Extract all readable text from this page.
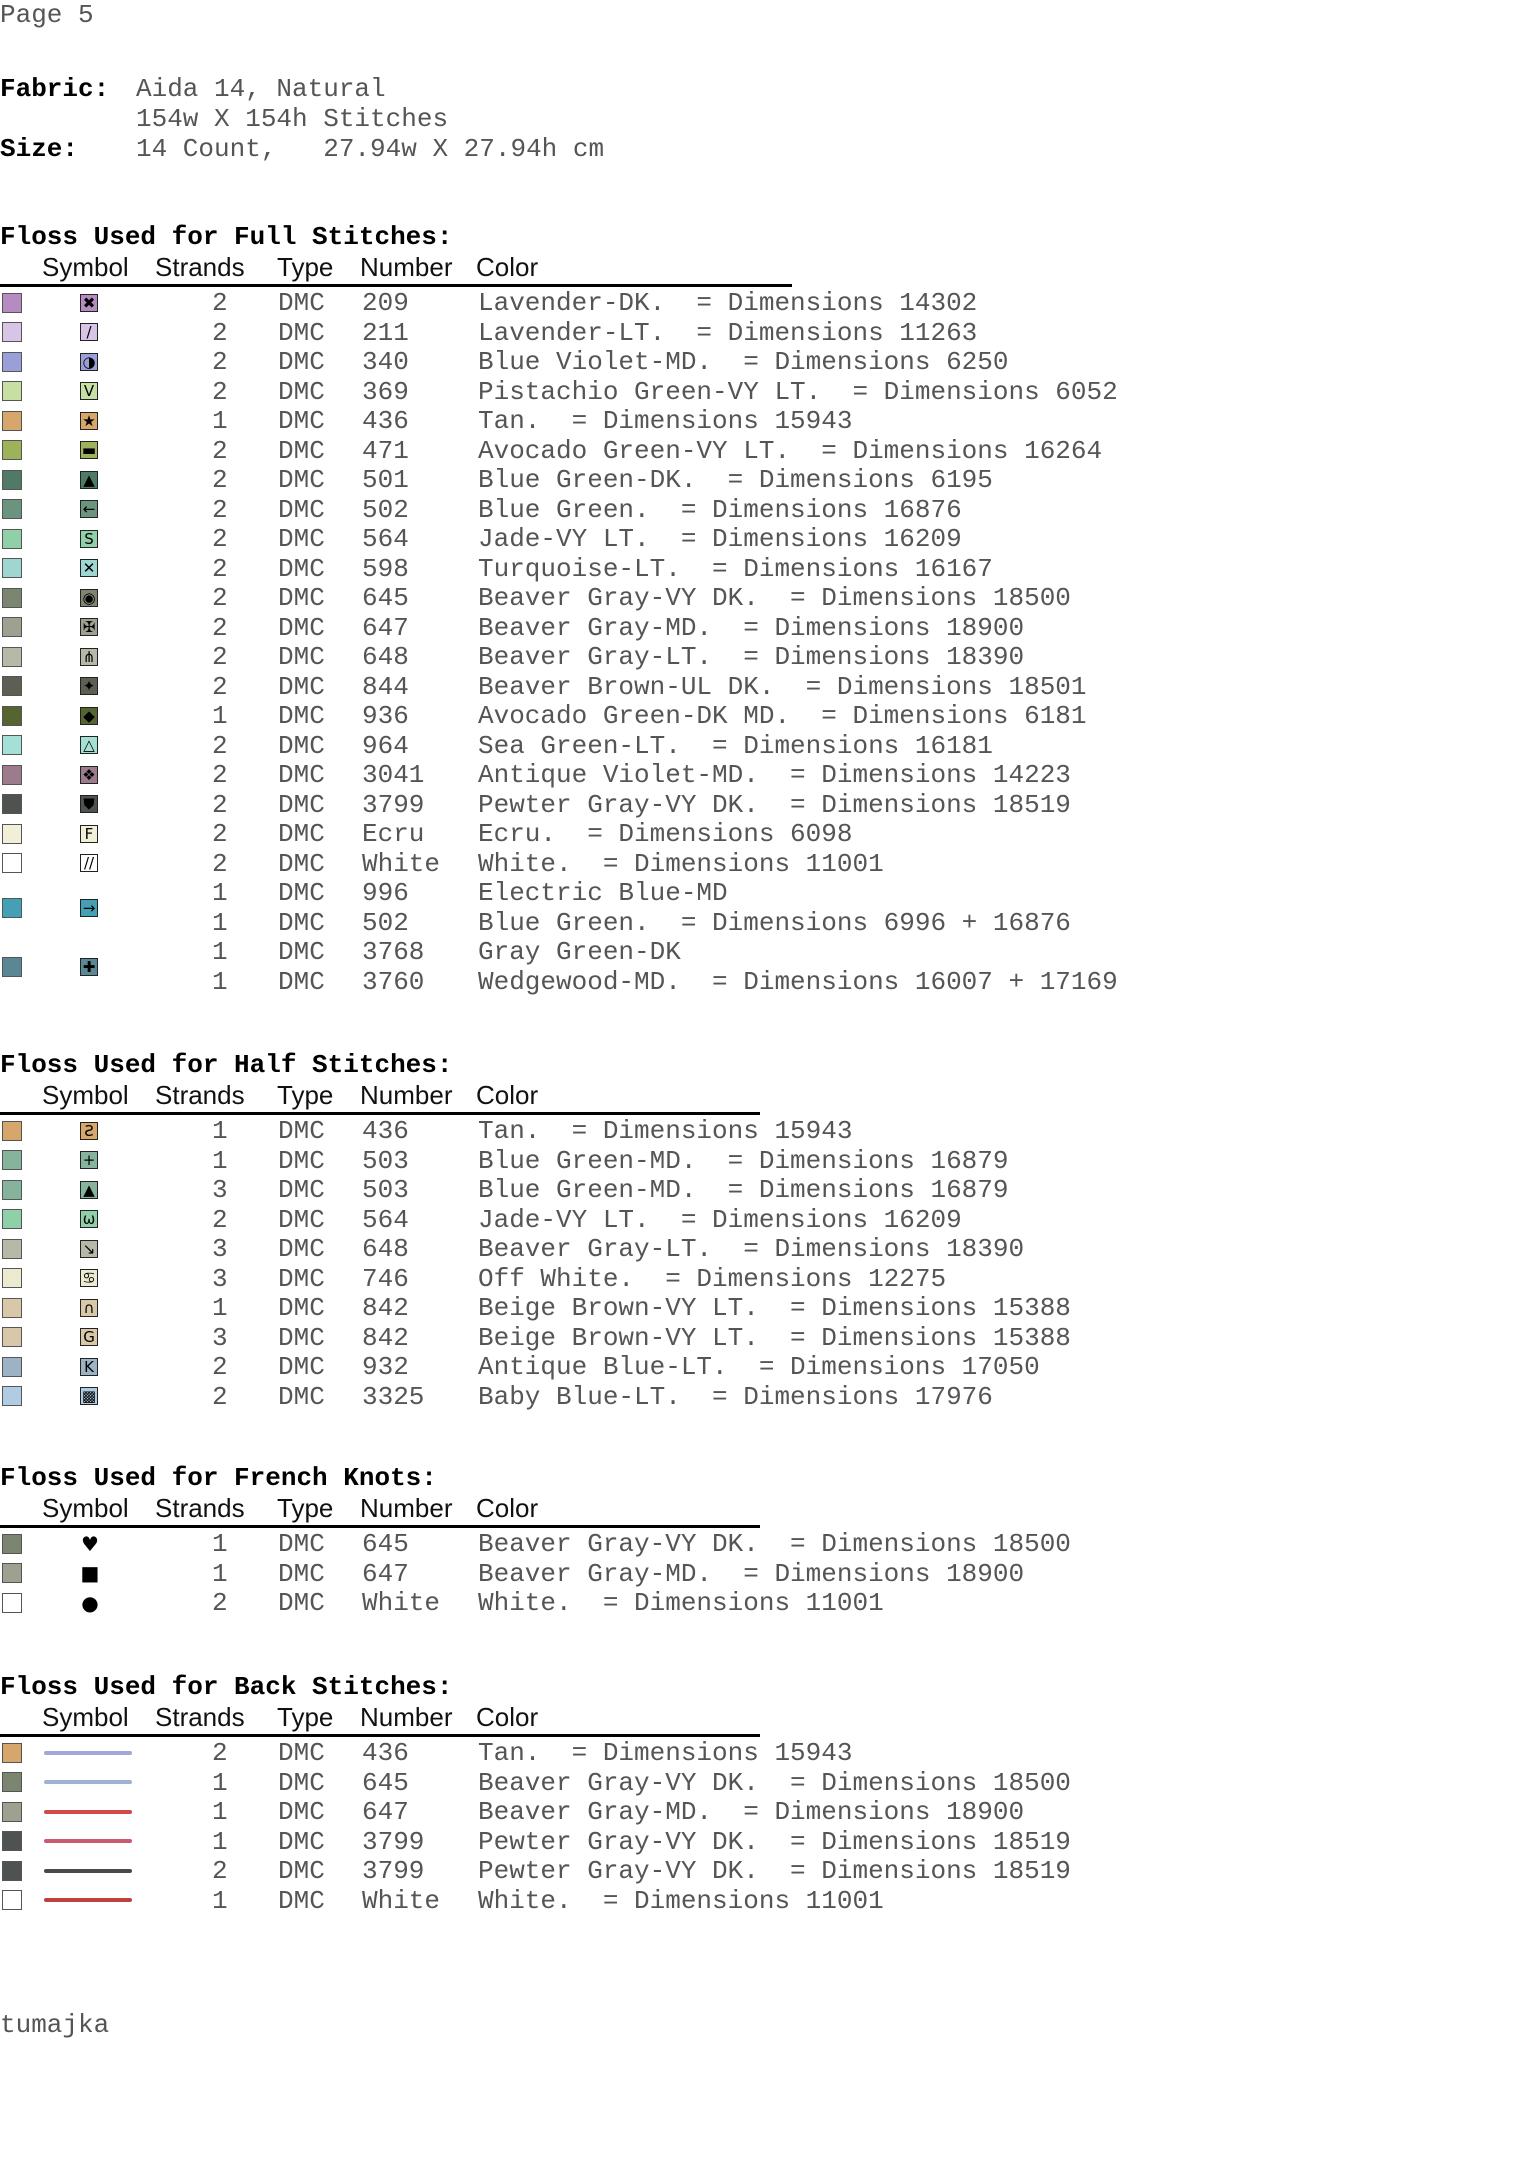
Page 5
Fabric: Aida 14, Natural
154w X 154h Stitches
Size: 14 Count,   27.94w X 27.94h cm
Floss Used for Full Stitches:
Symbol Strands Type Number Color
✖	2 DMC 209	Lavender-DK.  = Dimensions 14302
/	2 DMC 211	Lavender-LT.  = Dimensions 11263
◑	2 DMC 340	Blue Violet-MD.  = Dimensions 6250
V	2 DMC 369	Pistachio Green-VY LT.  = Dimensions 6052
★	1 DMC 436	Tan.  = Dimensions 15943
▬	2 DMC 471	Avocado Green-VY LT.  = Dimensions 16264
▲	2 DMC 501	Blue Green-DK.  = Dimensions 6195
←	2 DMC 502	Blue Green.  = Dimensions 16876
S	2 DMC 564	Jade-VY LT.  = Dimensions 16209
✕	2 DMC 598	Turquoise-LT.  = Dimensions 16167
◉	2 DMC 645	Beaver Gray-VY DK.  = Dimensions 18500
✠	2 DMC 647	Beaver Gray-MD.  = Dimensions 18900
⋔	2 DMC 648	Beaver Gray-LT.  = Dimensions 18390
✦	2 DMC 844	Beaver Brown-UL DK.  = Dimensions 18501
◆	1 DMC 936	Avocado Green-DK MD.  = Dimensions 6181
△	2 DMC 964	Sea Green-LT.  = Dimensions 16181
❖	2 DMC 3041 Antique Violet-MD.  = Dimensions 14223
⛊	2 DMC 3799 Pewter Gray-VY DK.  = Dimensions 18519
F	2 DMC Ecru Ecru.  = Dimensions 6098
//	2 DMC White White.  = Dimensions 11001
→	1 DMC 996	Electric Blue-MD
1 DMC 502	Blue Green.  = Dimensions 6996 + 16876
✚	1 DMC 3768 Gray Green-DK
1 DMC 3760 Wedgewood-MD.  = Dimensions 16007 + 17169
Floss Used for Half Stitches:
Symbol Strands Type Number Color
Ƨ	1 DMC 436	Tan.  = Dimensions 15943
+	1 DMC 503	Blue Green-MD.  = Dimensions 16879
▲	3 DMC 503	Blue Green-MD.  = Dimensions 16879
ω	2 DMC 564	Jade-VY LT.  = Dimensions 16209
↘	3 DMC 648	Beaver Gray-LT.  = Dimensions 18390
♋	3 DMC 746	Off White.  = Dimensions 12275
∩	1 DMC 842	Beige Brown-VY LT.  = Dimensions 15388
G	3 DMC 842	Beige Brown-VY LT.  = Dimensions 15388
K	2 DMC 932	Antique Blue-LT.  = Dimensions 17050
▩	2 DMC 3325 Baby Blue-LT.  = Dimensions 17976
Floss Used for French Knots:
Symbol Strands Type Number Color
♥	1 DMC 645	Beaver Gray-VY DK.  = Dimensions 18500
■	1 DMC 647	Beaver Gray-MD.  = Dimensions 18900
●	2 DMC White White.  = Dimensions 11001
Floss Used for Back Stitches:
Symbol Strands Type Number Color
2 DMC 436	Tan.  = Dimensions 15943
1 DMC 645	Beaver Gray-VY DK.  = Dimensions 18500
1 DMC 647	Beaver Gray-MD.  = Dimensions 18900
1 DMC 3799 Pewter Gray-VY DK.  = Dimensions 18519
2 DMC 3799 Pewter Gray-VY DK.  = Dimensions 18519
1 DMC White White.  = Dimensions 11001
tumajka
